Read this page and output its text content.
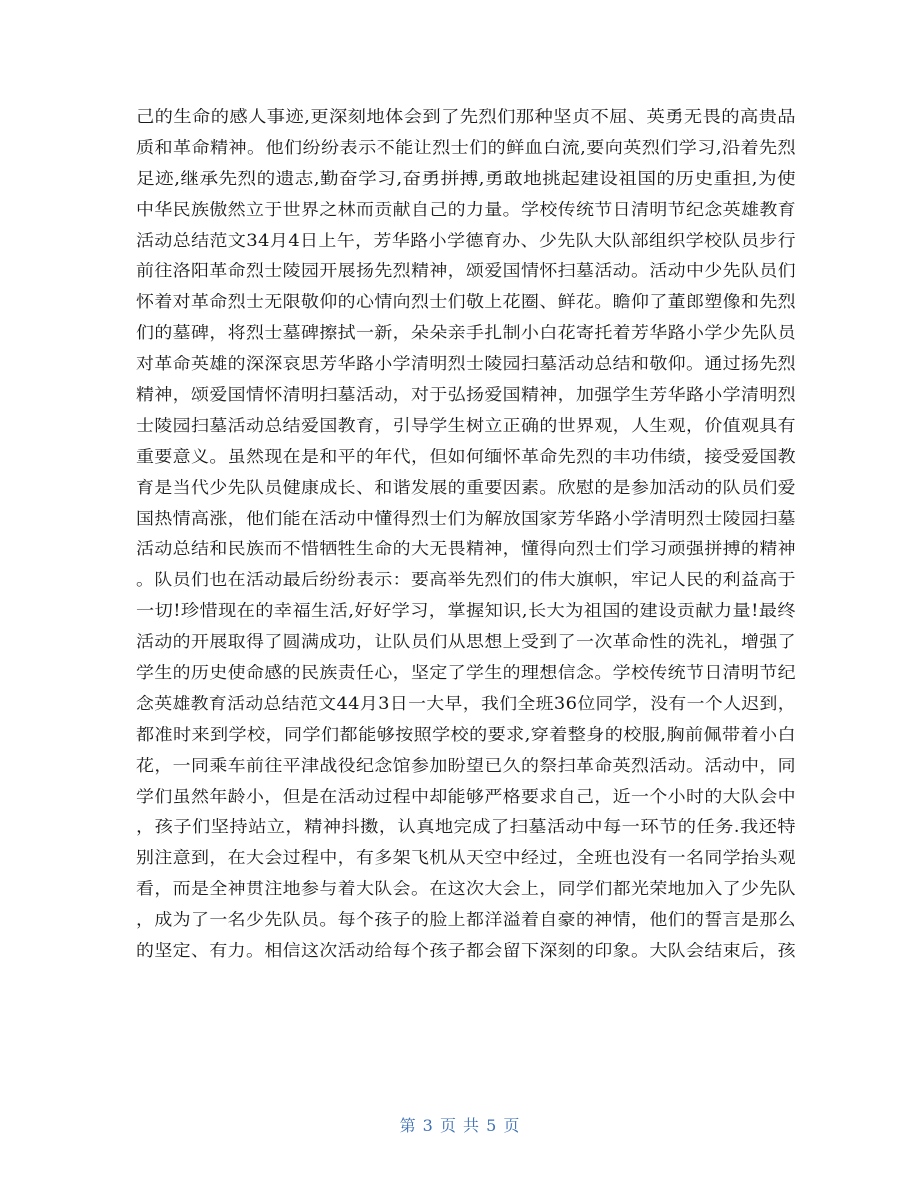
己的生命的感人事迹,更深刻地体会到了先烈们那种坚贞不屈、英勇无畏的高贵品
质和革命精神。他们纷纷表示不能让烈士们的鲜血白流,要向英烈们学习,沿着先烈
足迹,继承先烈的遗志,勤奋学习,奋勇拼搏,勇敢地挑起建设祖国的历史重担,为使
中华民族傲然立于世界之林而贡献自己的力量。学校传统节日清明节纪念英雄教育
活动总结范文34月4日上午，芳华路小学德育办、少先队大队部组织学校队员步行
前往洛阳革命烈士陵园开展扬先烈精神，颂爱国情怀扫墓活动。活动中少先队员们
怀着对革命烈士无限敬仰的心情向烈士们敬上花圈、鲜花。瞻仰了董郎塑像和先烈
们的墓碑，将烈士墓碑擦拭一新，朵朵亲手扎制小白花寄托着芳华路小学少先队员
对革命英雄的深深哀思芳华路小学清明烈士陵园扫墓活动总结和敬仰。通过扬先烈
精神，颂爱国情怀清明扫墓活动，对于弘扬爱国精神，加强学生芳华路小学清明烈
士陵园扫墓活动总结爱国教育，引导学生树立正确的世界观，人生观，价值观具有
重要意义。虽然现在是和平的年代，但如何缅怀革命先烈的丰功伟绩，接受爱国教
育是当代少先队员健康成长、和谐发展的重要因素。欣慰的是参加活动的队员们爱
国热情高涨，他们能在活动中懂得烈士们为解放国家芳华路小学清明烈士陵园扫墓
活动总结和民族而不惜牺牲生命的大无畏精神，懂得向烈士们学习顽强拼搏的精神
。队员们也在活动最后纷纷表示：要高举先烈们的伟大旗帜，牢记人民的利益高于
一切!珍惜现在的幸福生活,好好学习，掌握知识,长大为祖国的建设贡献力量!最终
活动的开展取得了圆满成功，让队员们从思想上受到了一次革命性的洗礼，增强了
学生的历史使命感的民族责任心，坚定了学生的理想信念。学校传统节日清明节纪
念英雄教育活动总结范文44月3日一大早，我们全班36位同学，没有一个人迟到，
都准时来到学校，同学们都能够按照学校的要求,穿着整身的校服,胸前佩带着小白
花，一同乘车前往平津战役纪念馆参加盼望已久的祭扫革命英烈活动。活动中，同
学们虽然年龄小，但是在活动过程中却能够严格要求自己，近一个小时的大队会中
，孩子们坚持站立，精神抖擞，认真地完成了扫墓活动中每一环节的任务.我还特
别注意到，在大会过程中，有多架飞机从天空中经过，全班也没有一名同学抬头观
看，而是全神贯注地参与着大队会。在这次大会上，同学们都光荣地加入了少先队
，成为了一名少先队员。每个孩子的脸上都洋溢着自豪的神情，他们的誓言是那么
的坚定、有力。相信这次活动给每个孩子都会留下深刻的印象。大队会结束后，孩
第 3 页 共 5 页
